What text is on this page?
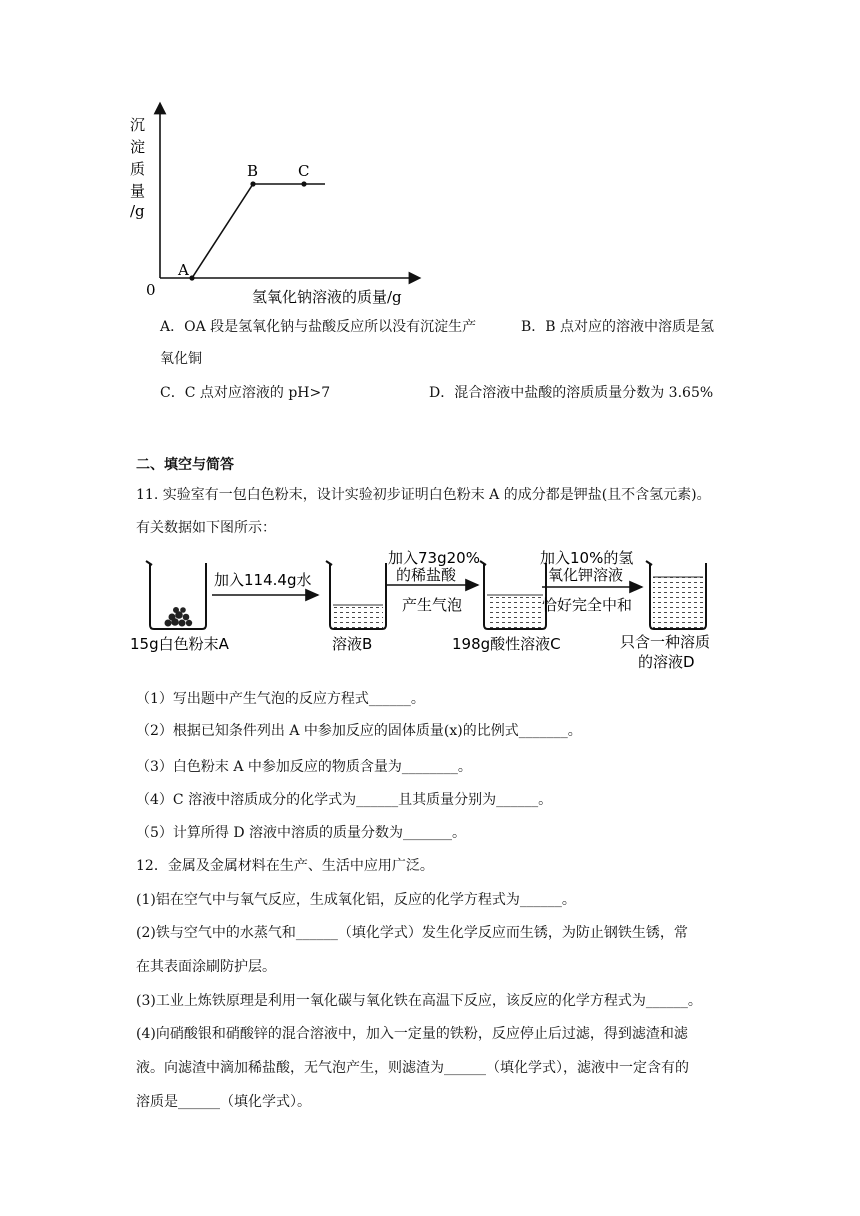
沉
淀
质
量
/g
0	氢氧化钠溶液的质量/g
A
B	C
A．OA 段是氢氧化钠与盐酸反应所以没有沉淀生产	B．B 点对应的溶液中溶质是氢
氧化铜
C．C 点对应溶液的 pH>7	D．混合溶液中盐酸的溶质质量分数为 3.65%
二、填空与简答
11. 实验室有一包白色粉末，设计实验初步证明白色粉末 A 的成分都是钾盐(且不含氢元素)。
有关数据如下图所示：
15g白色粉末A
加入114.4g水
溶液B
加入73g20%
的稀盐酸
产生气泡
198g酸性溶液C
加入10%的氢
氧化钾溶液
恰好完全中和
只含一种溶质
的溶液D
（1）写出题中产生气泡的反应方程式______。
（2）根据已知条件列出 A 中参加反应的固体质量(x)的比例式_______。
（3）白色粉末 A 中参加反应的物质含量为________。
（4）C 溶液中溶质成分的化学式为______且其质量分别为______。
（5）计算所得 D 溶液中溶质的质量分数为_______。
12．金属及金属材料在生产、生活中应用广泛。
(1)铝在空气中与氧气反应，生成氧化铝，反应的化学方程式为______。
(2)铁与空气中的水蒸气和______（填化学式）发生化学反应而生锈，为防止钢铁生锈，常
在其表面涂刷防护层。
(3)工业上炼铁原理是利用一氧化碳与氧化铁在高温下反应，该反应的化学方程式为______。
(4)向硝酸银和硝酸锌的混合溶液中，加入一定量的铁粉，反应停止后过滤，得到滤渣和滤
液。向滤渣中滴加稀盐酸，无气泡产生，则滤渣为______（填化学式），滤液中一定含有的
溶质是______（填化学式）。
